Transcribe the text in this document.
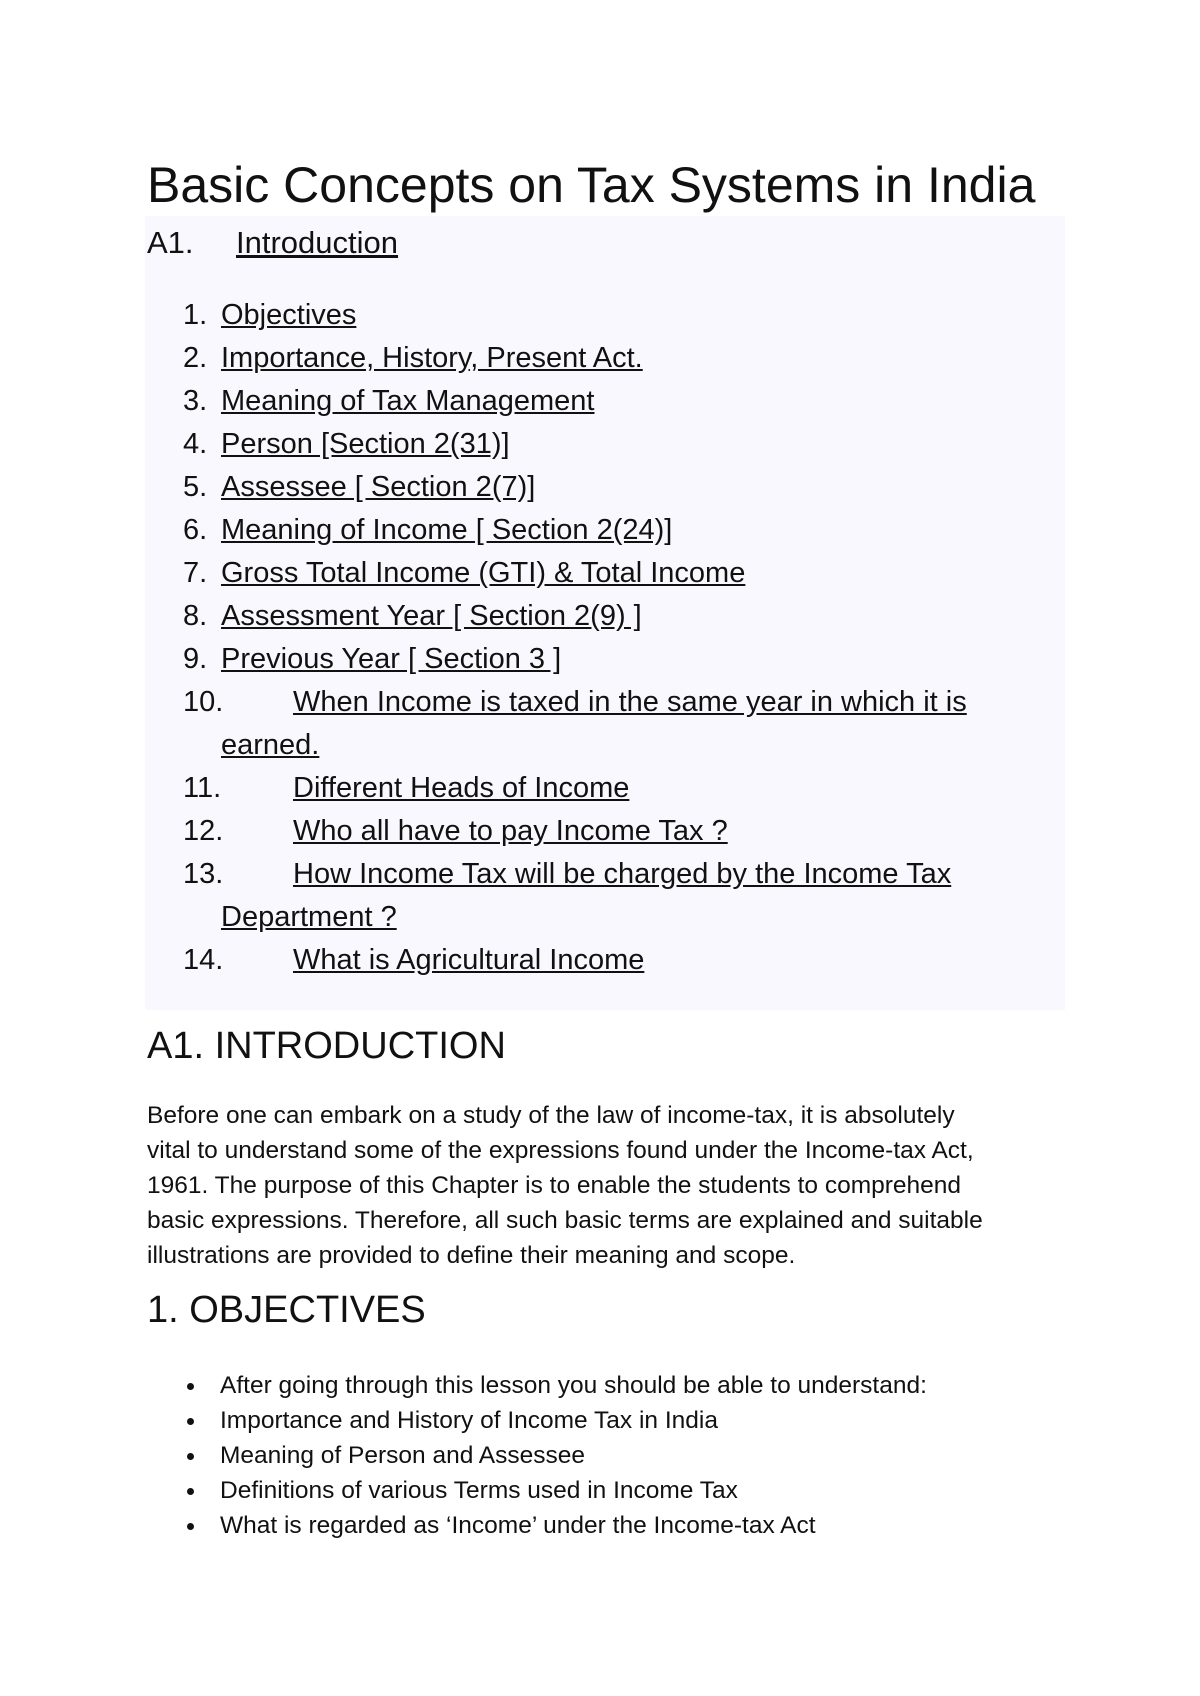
Basic Concepts on Tax Systems in India
A1. Introduction
1. Objectives
2. Importance, History, Present Act.
3. Meaning of Tax Management
4. Person [Section 2(31)]
5. Assessee [ Section 2(7)]
6. Meaning of Income [ Section 2(24)]
7. Gross Total Income (GTI) & Total Income
8. Assessment Year [ Section 2(9) ]
9. Previous Year [ Section 3 ]
10.	When Income is taxed in the same year in which it is
earned.
11. Different Heads of Income
12. Who all have to pay Income Tax ?
13.	How Income Tax will be charged by the Income Tax
Department ?
14. What is Agricultural Income
A1. INTRODUCTION

Before one can embark on a study of the law of income-tax, it is absolutely
vital to understand some of the expressions found under the Income-tax Act,
1961. The purpose of this Chapter is to enable the students to comprehend
basic expressions. Therefore, all such basic terms are explained and suitable
illustrations are provided to define their meaning and scope.

1. OBJECTIVES
After going through this lesson you should be able to understand:
Importance and History of Income Tax in India
Meaning of Person and Assessee
Definitions of various Terms used in Income Tax
What is regarded as ‘Income’ under the Income-tax Act
